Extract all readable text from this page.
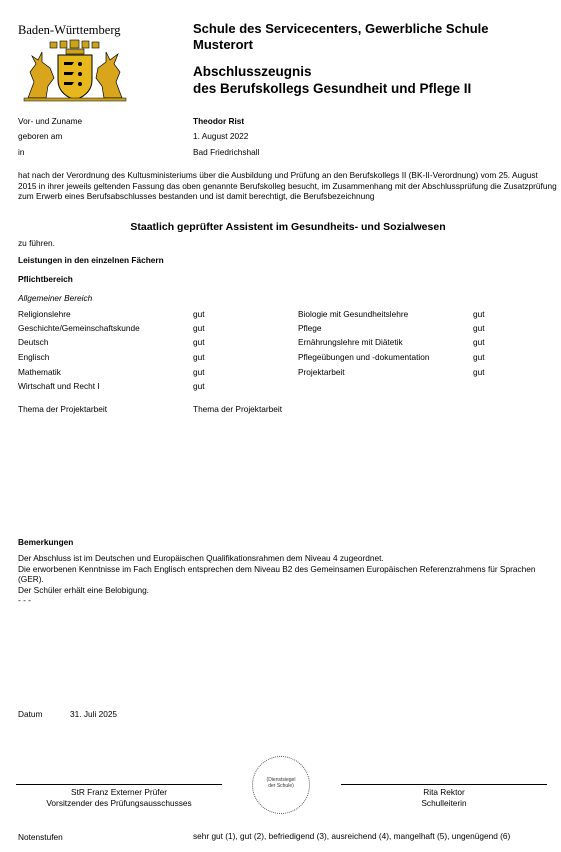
Baden-Württemberg	Schule des Servicecenters, Gewerbliche Schule
Musterort
Abschlusszeugnis
des Berufskollegs Gesundheit und Pflege II
Vor- und Zuname	Theodor Rist
geboren am	1. August 2022
in	Bad Friedrichshall
hat nach der Verordnung des Kultusministeriums über die Ausbildung und Prüfung an den Berufskollegs II (BK-II-Verordnung) vom 25. August 2015 in ihrer jeweils geltenden Fassung das oben genannte Berufskolleg besucht, im Zusammenhang mit der Abschlussprüfung die Zusatzprüfung zum Erwerb eines Berufsabschlusses bestanden und ist damit berechtigt, die Berufsbezeichnung
Staatlich geprüfter Assistent im Gesundheits- und Sozialwesen
zu führen.
Leistungen in den einzelnen Fächern
Pflichtbereich
Allgemeiner Bereich
Religionslehre	gut
Geschichte/Gemeinschaftskunde	gut
Deutsch	gut
Englisch	gut
Mathematik	gut
Wirtschaft und Recht I	gut
Biologie mit Gesundheitslehre	gut
Pflege	gut
Ernährungslehre mit Diätetik	gut
Pflegeübungen und -dokumentation	gut
Projektarbeit	gut
Thema der Projektarbeit	Thema der Projektarbeit
Bemerkungen
Der Abschluss ist im Deutschen und Europäischen Qualifikationsrahmen dem Niveau 4 zugeordnet.
Die erworbenen Kenntnisse im Fach Englisch entsprechen dem Niveau B2 des Gemeinsamen Europäischen Referenzrahmens für Sprachen (GER).
Der Schüler erhält eine Belobigung.
- - -
Datum	31. Juli 2025
StR Franz Externer Prüfer
Vorsitzender des Prüfungsausschusses
(Dienstsiegel
der Schule)
Rita Rektor
Schulleiterin
Notenstufen	sehr gut (1), gut (2), befriedigend (3), ausreichend (4), mangelhaft (5), ungenügend (6)
